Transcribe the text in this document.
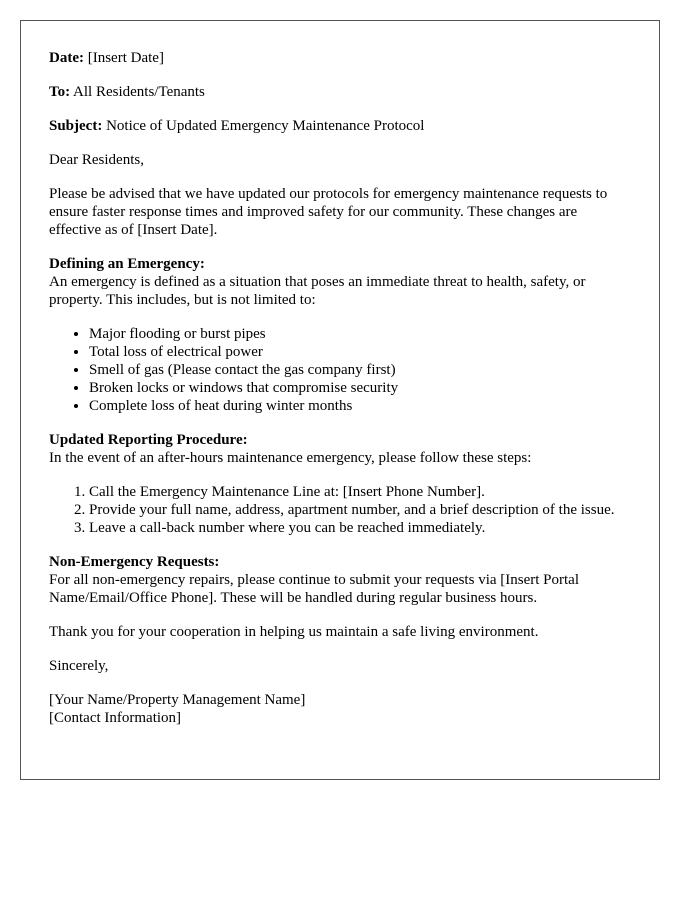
Date: [Insert Date]

To: All Residents/Tenants

Subject: Notice of Updated Emergency Maintenance Protocol

Dear Residents,

Please be advised that we have updated our protocols for emergency maintenance requests to ensure faster response times and improved safety for our community. These changes are effective as of [Insert Date].

Defining an Emergency:

An emergency is defined as a situation that poses an immediate threat to health, safety, or property. This includes, but is not limited to:

• Major flooding or burst pipes
• Total loss of electrical power
• Smell of gas (Please contact the gas company first)
• Broken locks or windows that compromise security
• Complete loss of heat during winter months
Updated Reporting Procedure:

In the event of an after-hours maintenance emergency, please follow these steps:

1. Call the Emergency Maintenance Line at: [Insert Phone Number].
2. Provide your full name, address, apartment number, and a brief description of the issue.
3. Leave a call-back number where you can be reached immediately.
Non-Emergency Requests:

For all non-emergency repairs, please continue to submit your requests via [Insert Portal Name/Email/Office Phone]. These will be handled during regular business hours.

Thank you for your cooperation in helping us maintain a safe living environment.

Sincerely,

[Your Name/Property Management Name]
[Contact Information]
